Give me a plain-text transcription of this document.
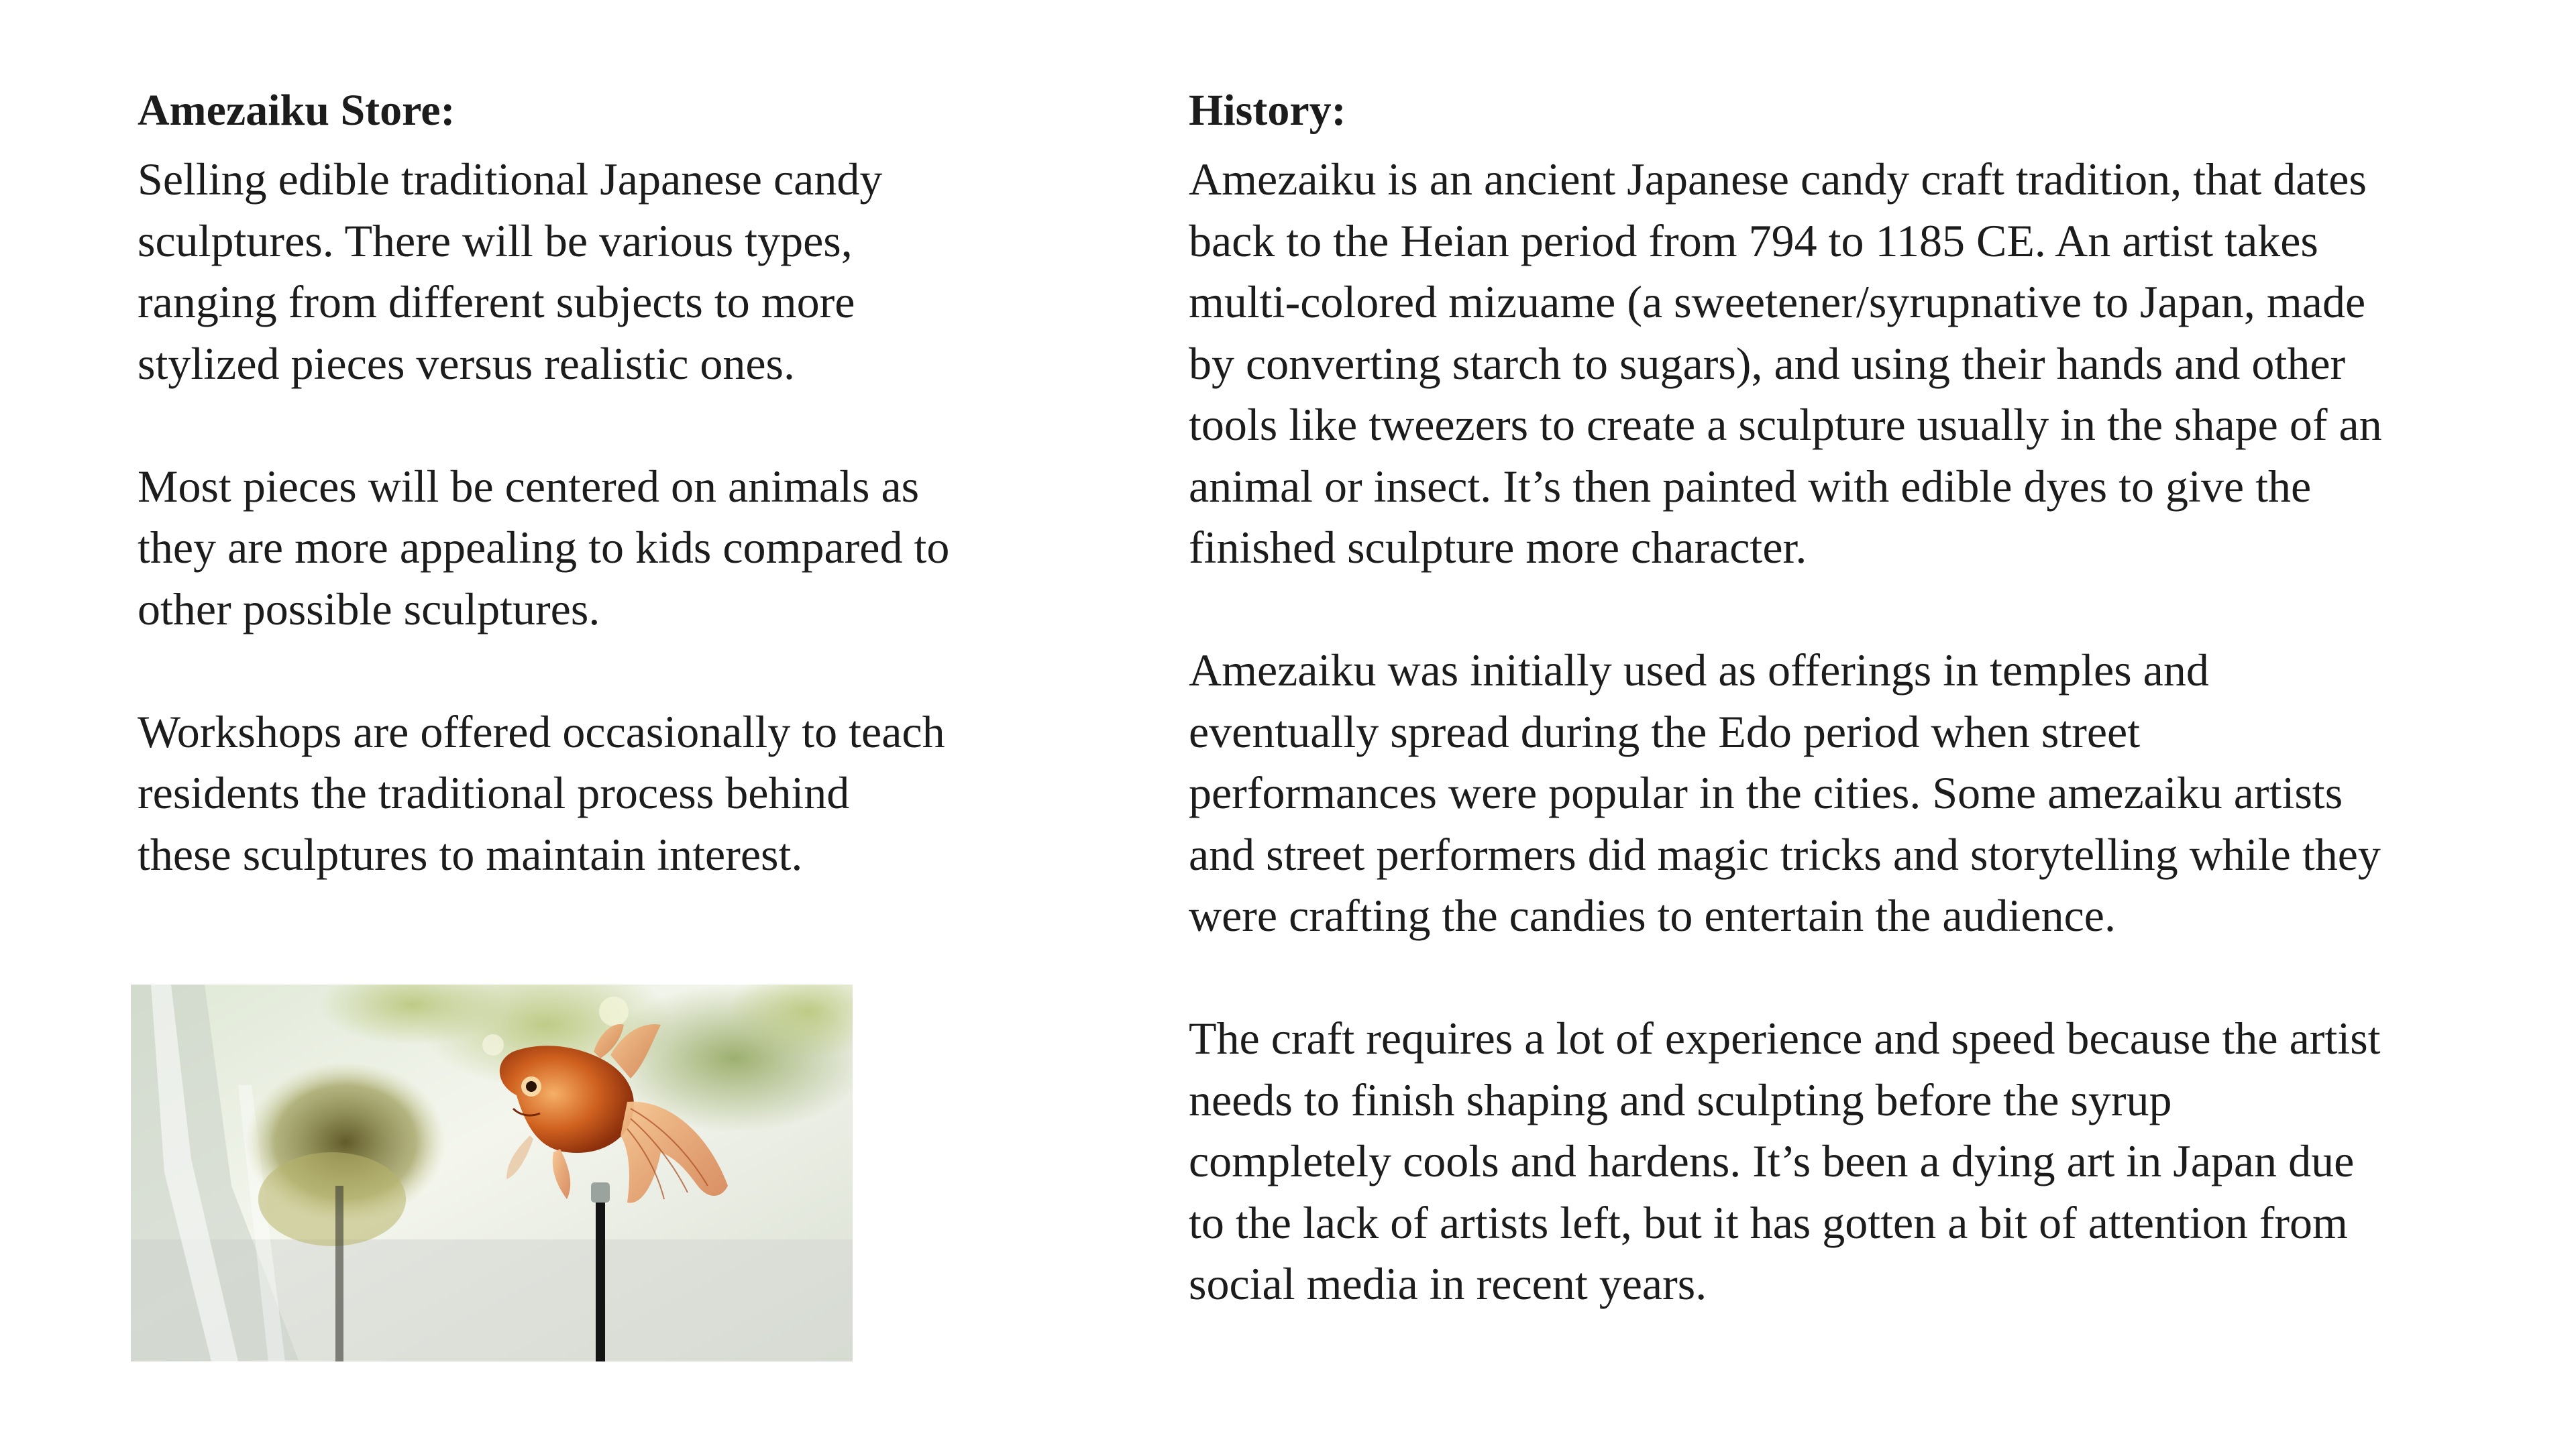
Amezaiku Store:
Selling edible traditional Japanese candy
sculptures. There will be various types,
ranging from different subjects to more
stylized pieces versus realistic ones.
Most pieces will be centered on animals as
they are more appealing to kids compared to
other possible sculptures.
Workshops are offered occasionally to teach
residents the traditional process behind
these sculptures to maintain interest.
History:
Amezaiku is an ancient Japanese candy craft tradition, that dates
back to the Heian period from 794 to 1185 CE. An artist takes
multi-colored mizuame (a sweetener/syrupnative to Japan, made
by converting starch to sugars), and using their hands and other
tools like tweezers to create a sculpture usually in the shape of an
animal or insect. It’s then painted with edible dyes to give the
finished sculpture more character.
Amezaiku was initially used as offerings in temples and
eventually spread during the Edo period when street
performances were popular in the cities. Some amezaiku artists
and street performers did magic tricks and storytelling while they
were crafting the candies to entertain the audience.
The craft requires a lot of experience and speed because the artist
needs to finish shaping and sculpting before the syrup
completely cools and hardens. It’s been a dying art in Japan due
to the lack of artists left, but it has gotten a bit of attention from
social media in recent years.
